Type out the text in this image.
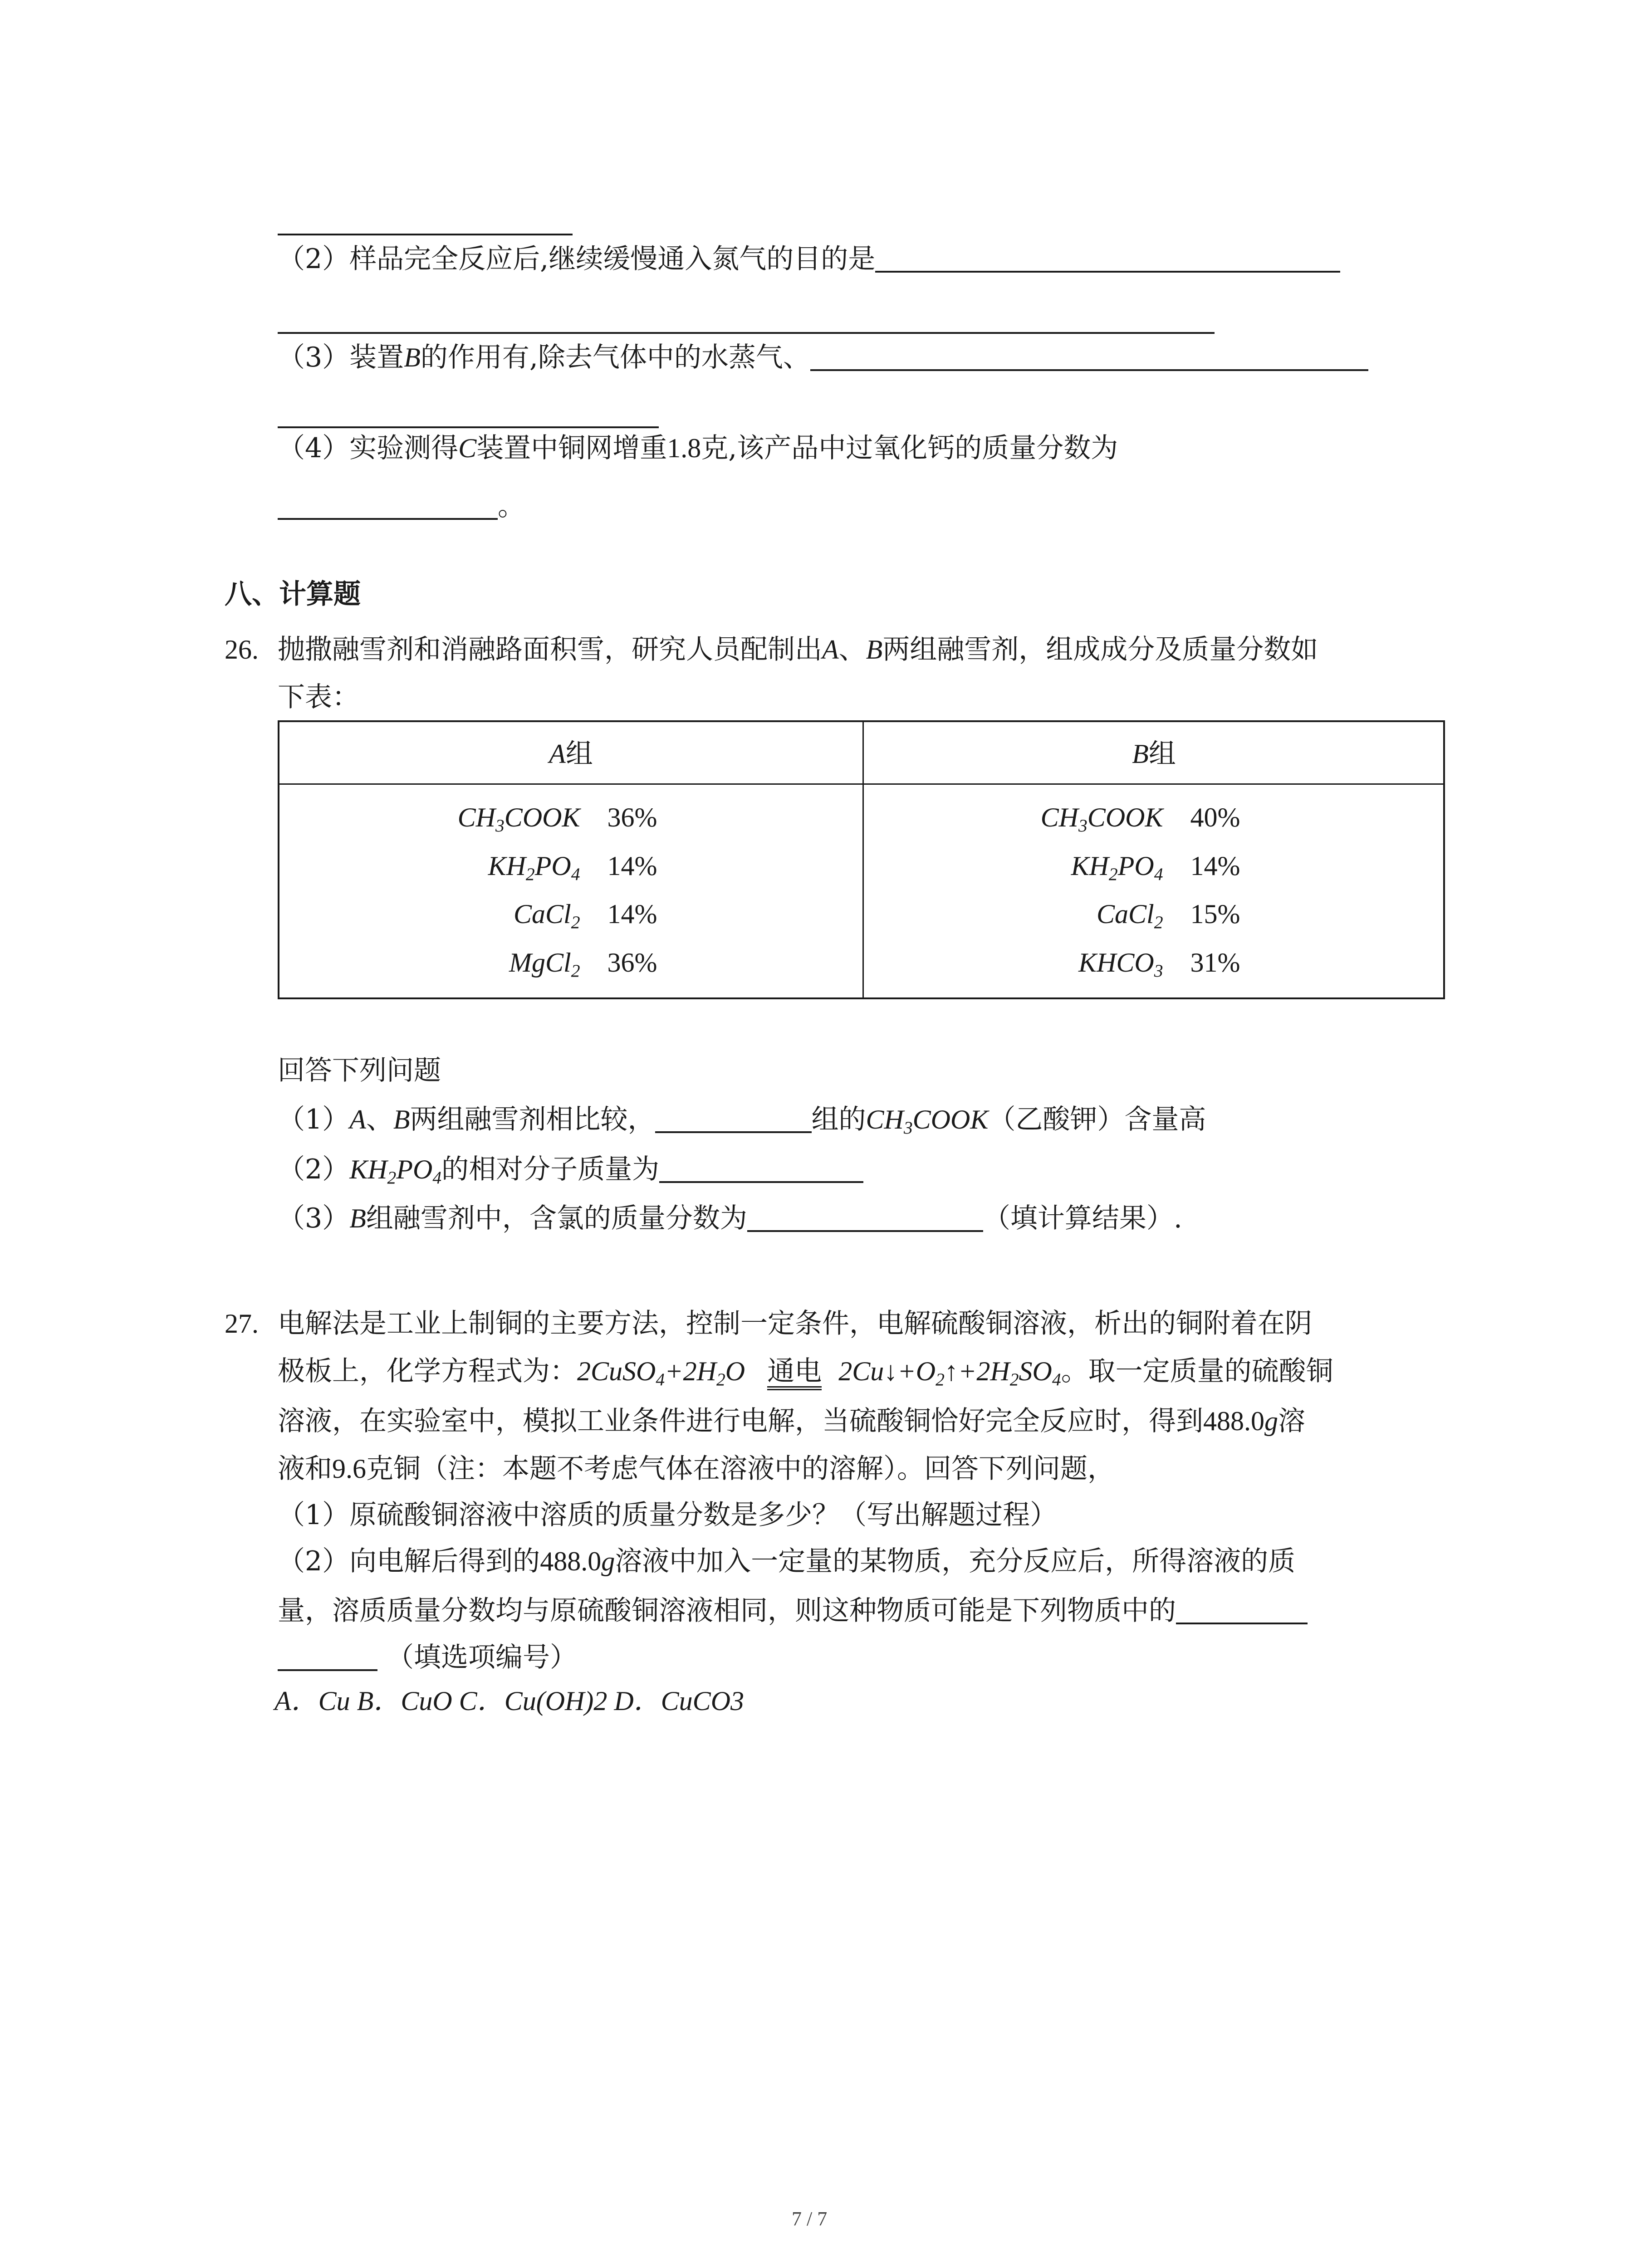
（2）样品完全反应后,继续缓慢通入氮气的目的是
（3）装置B的作用有,除去气体中的水蒸气、
（4）实验测得C装置中铜网增重1.8克,该产品中过氧化钙的质量分数为
。
八、计算题
26. 抛撒融雪剂和消融路面积雪，研究人员配制出A、B两组融雪剂，组成成分及质量分数如
下表：
A组	B组
$CH_3COOK$ 36%
$KH_2PO_4$ 14%
CaCl$_2$ 14%
MgCl$_2$ 36%
$CH_3COOK$ 40%
$KH_2PO_4$ 14%
CaCl$_2$ 15%
$KHCO_3$ 31%
回答下列问题
（1）A、B两组融雪剂相比较，	组的$CH_3COOK$（乙酸钾）含量高
$(2)KH_2PO_4$的相对分子质量为
（3）B组融雪剂中，含氯的质量分数为	（填计算结果）.
27. 电解法是工业上制铜的主要方法，控制一定条件，电解硫酸铜溶液，析出的铜附着在阴
极板上，化学方程式为：$2CuSO_4+2H_2O$ 通电 $2Cu↓+O_2↑+2H_2SO_4$。取一定质量的硫酸铜
溶液，在实验室中，模拟工业条件进行电解，当硫酸铜恰好完全反应时，得到488.0g溶
液和9.6克铜（注：本题不考虑气体在溶液中的溶解）。回答下列问题，
（1）原硫酸铜溶液中溶质的质量分数是多少？（写出解题过程）
（2）向电解后得到的488.0g溶液中加入一定量的某物质，充分反应后，所得溶液的质
量，溶质质量分数均与原硫酸铜溶液相同，则这种物质可能是下列物质中的
（填选项编号）
A．Cu B．CuO C．Cu(OH)2 D．CuCO3
7 / 7
